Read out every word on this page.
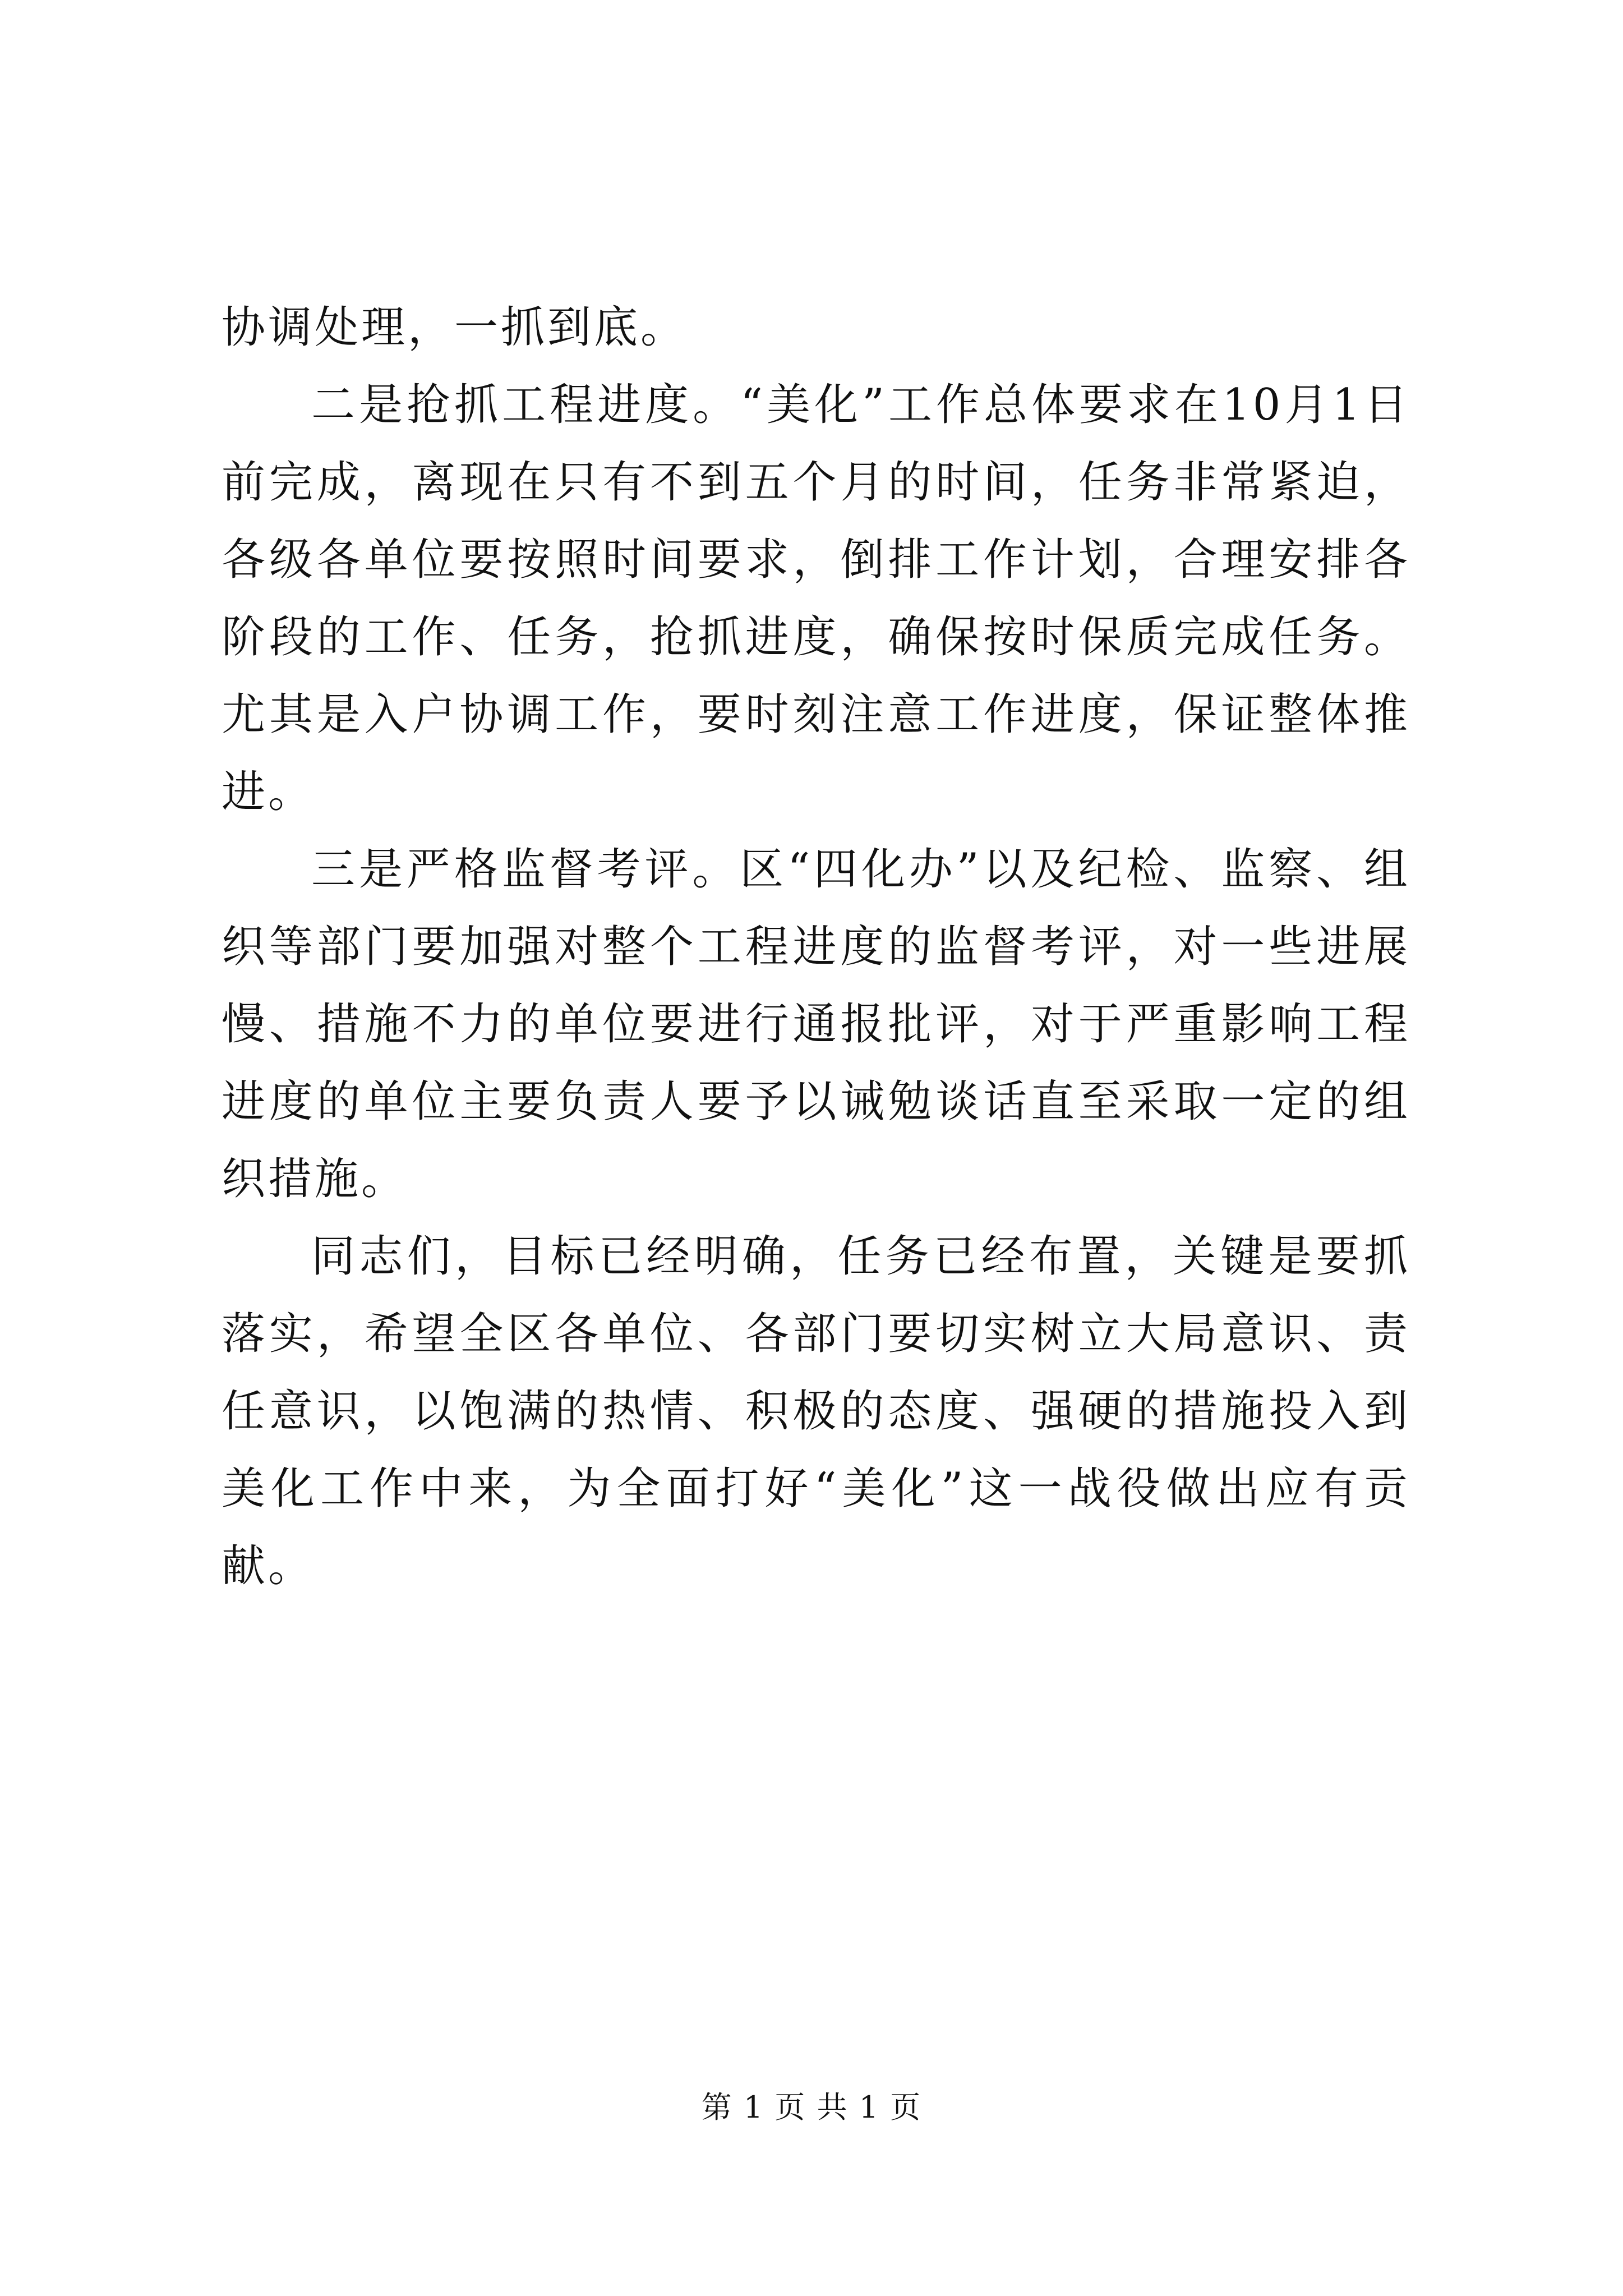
协调处理，一抓到底。

二是抢抓工程进度。“美化”工作总体要求在10月1日前完成，离现在只有不到五个月的时间，任务非常紧迫，各级各单位要按照时间要求，倒排工作计划，合理安排各阶段的工作、任务，抢抓进度，确保按时保质完成任务。尤其是入户协调工作，要时刻注意工作进度，保证整体推进。

三是严格监督考评。区“四化办”以及纪检、监察、组织等部门要加强对整个工程进度的监督考评，对一些进展慢、措施不力的单位要进行通报批评，对于严重影响工程进度的单位主要负责人要予以诫勉谈话直至采取一定的组织措施。

同志们，目标已经明确，任务已经布置，关键是要抓落实，希望全区各单位、各部门要切实树立大局意识、责任意识，以饱满的热情、积极的态度、强硬的措施投入到美化工作中来，为全面打好“美化”这一战役做出应有贡献。

第 1 页 共 1 页
